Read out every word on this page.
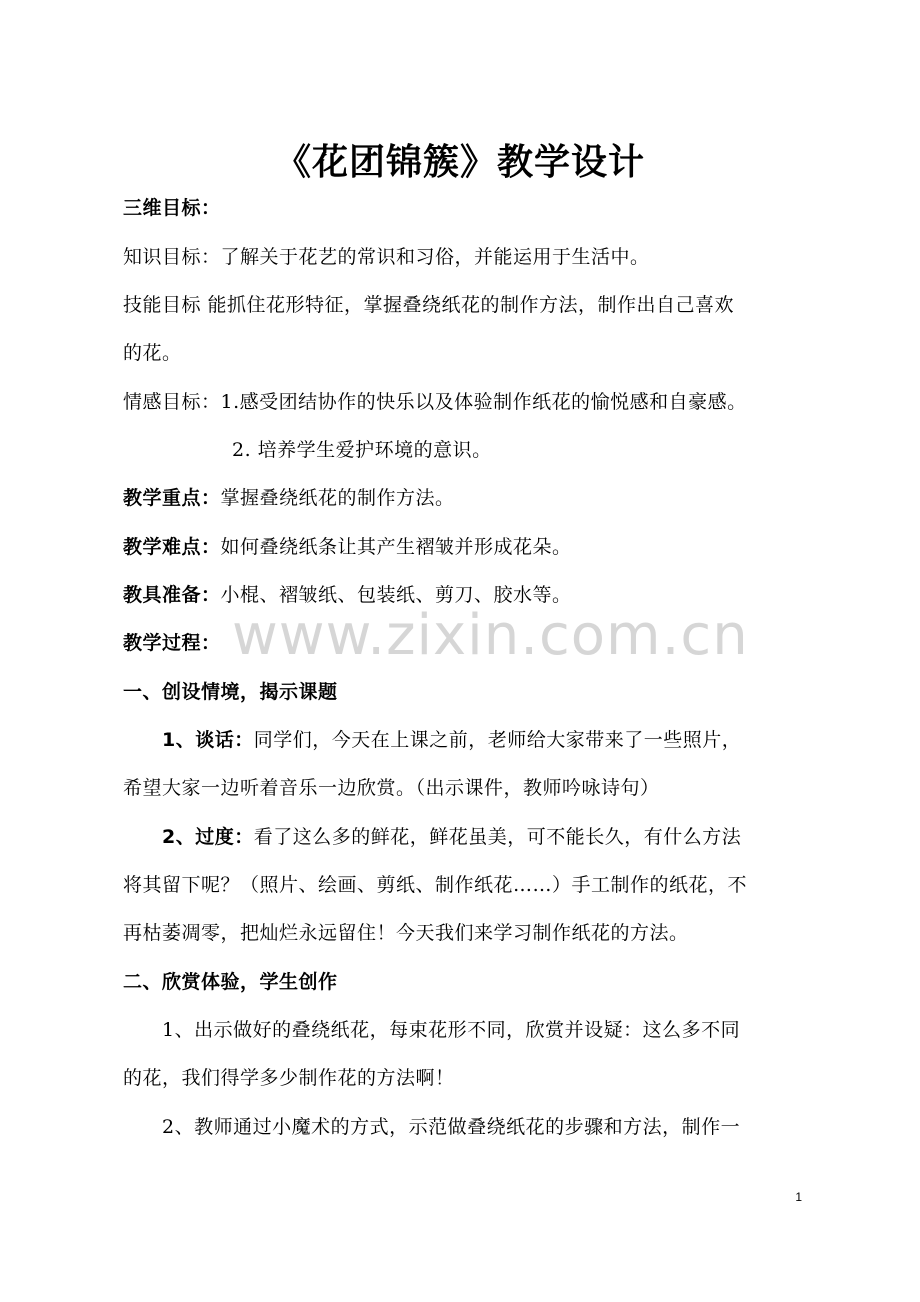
《花团锦簇》教学设计
三维目标：
知识目标：了解关于花艺的常识和习俗，并能运用于生活中。
技能目标 能抓住花形特征，掌握叠绕纸花的制作方法，制作出自己喜欢
的花。
情感目标：1.感受团结协作的快乐以及体验制作纸花的愉悦感和自豪感。
2. 培养学生爱护环境的意识。
教学重点：掌握叠绕纸花的制作方法。
教学难点：如何叠绕纸条让其产生褶皱并形成花朵。
教具准备：小棍、褶皱纸、包装纸、剪刀、胶水等。
教学过程： www.zixin.com.cn
一、创设情境，揭示课题
1、谈话：同学们，今天在上课之前，老师给大家带来了一些照片，
希望大家一边听着音乐一边欣赏。（出示课件，教师吟咏诗句）
2、过度：看了这么多的鲜花，鲜花虽美，可不能长久，有什么方法
将其留下呢？（照片、绘画、剪纸、制作纸花……）手工制作的纸花，不
再枯萎凋零，把灿烂永远留住！今天我们来学习制作纸花的方法。
二、欣赏体验，学生创作
1、出示做好的叠绕纸花，每束花形不同，欣赏并设疑：这么多不同
的花，我们得学多少制作花的方法啊！
2、教师通过小魔术的方式，示范做叠绕纸花的步骤和方法，制作一
1
